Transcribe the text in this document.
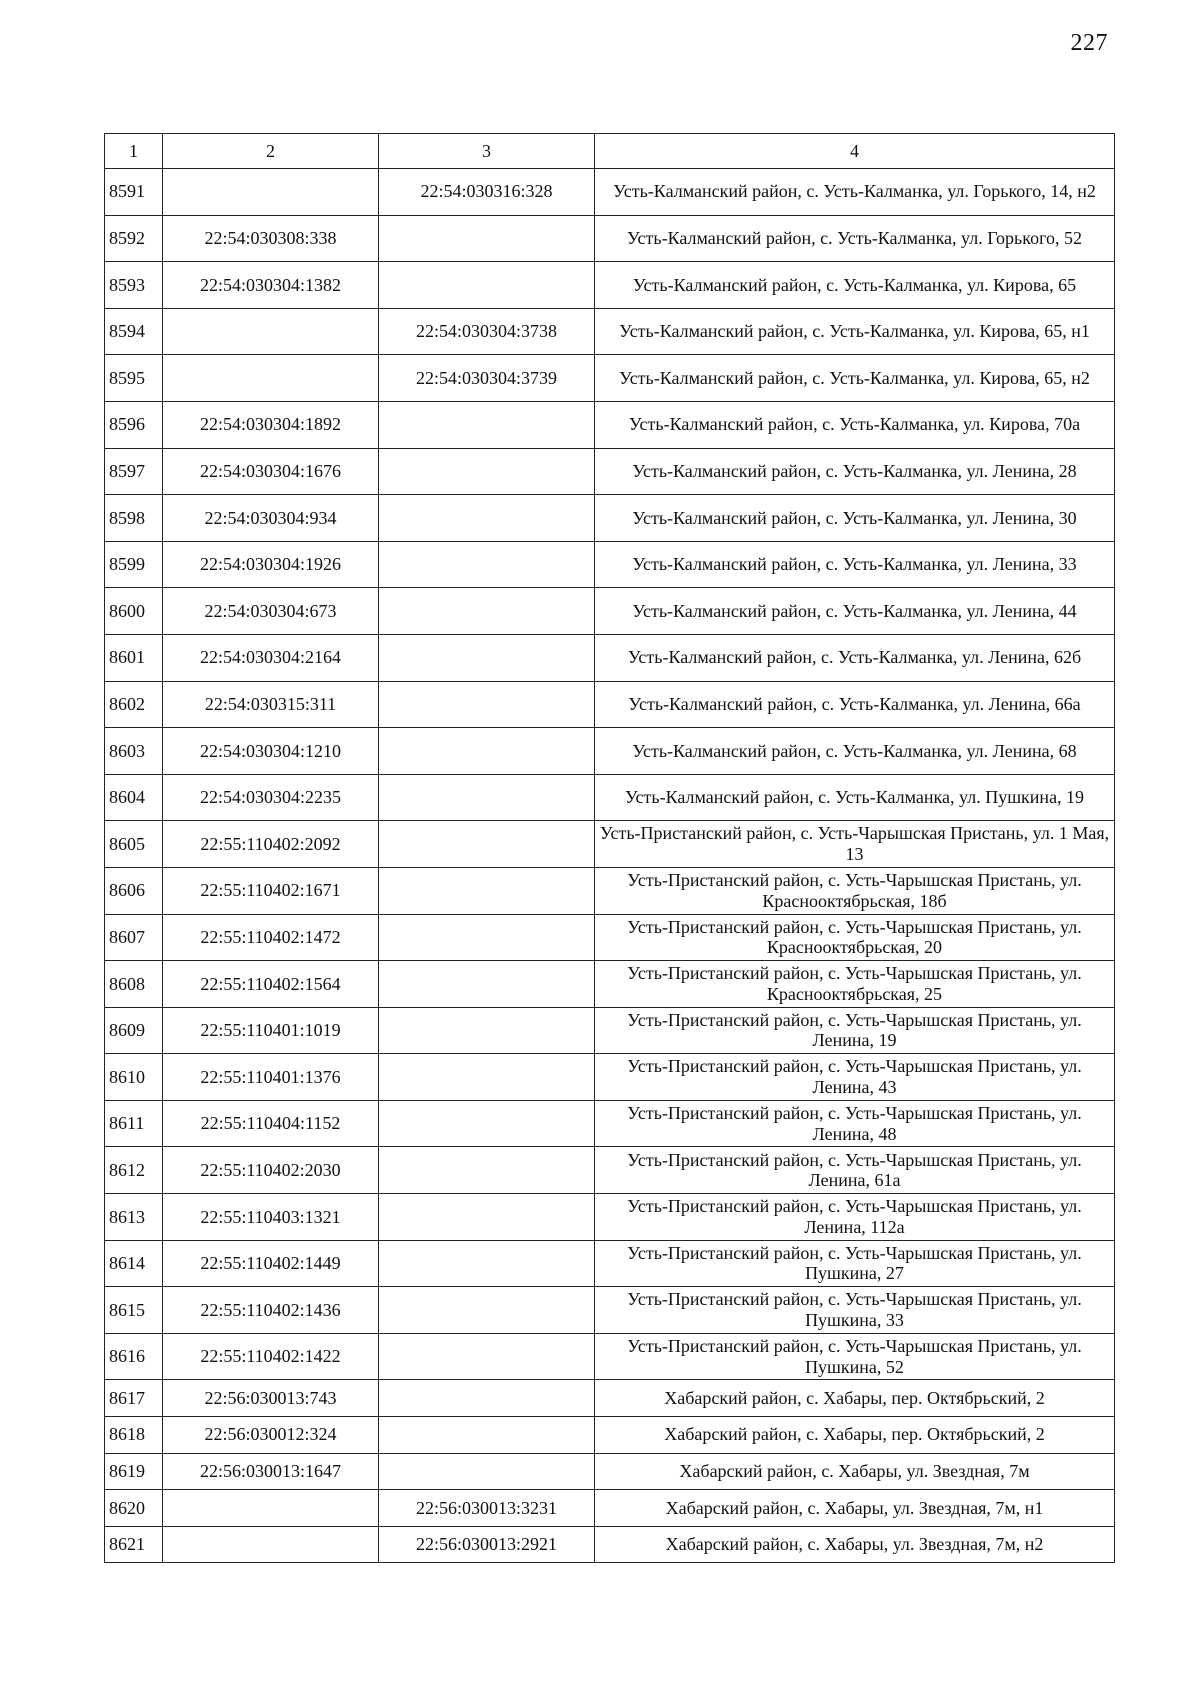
227
1	2	3	4
8591		22:54:030316:328	Усть-Калманский район, с. Усть-Калманка, ул. Горького, 14, н2
8592	22:54:030308:338		Усть-Калманский район, с. Усть-Калманка, ул. Горького, 52
8593	22:54:030304:1382		Усть-Калманский район, с. Усть-Калманка, ул. Кирова, 65
8594		22:54:030304:3738	Усть-Калманский район, с. Усть-Калманка, ул. Кирова, 65, н1
8595		22:54:030304:3739	Усть-Калманский район, с. Усть-Калманка, ул. Кирова, 65, н2
8596	22:54:030304:1892		Усть-Калманский район, с. Усть-Калманка, ул. Кирова, 70а
8597	22:54:030304:1676		Усть-Калманский район, с. Усть-Калманка, ул. Ленина, 28
8598	22:54:030304:934		Усть-Калманский район, с. Усть-Калманка, ул. Ленина, 30
8599	22:54:030304:1926		Усть-Калманский район, с. Усть-Калманка, ул. Ленина, 33
8600	22:54:030304:673		Усть-Калманский район, с. Усть-Калманка, ул. Ленина, 44
8601	22:54:030304:2164		Усть-Калманский район, с. Усть-Калманка, ул. Ленина, 62б
8602	22:54:030315:311		Усть-Калманский район, с. Усть-Калманка, ул. Ленина, 66а
8603	22:54:030304:1210		Усть-Калманский район, с. Усть-Калманка, ул. Ленина, 68
8604	22:54:030304:2235		Усть-Калманский район, с. Усть-Калманка, ул. Пушкина, 19
8605	22:55:110402:2092		Усть-Пристанский район, с. Усть-Чарышская Пристань, ул. 1 Мая, 13
8606	22:55:110402:1671		Усть-Пристанский район, с. Усть-Чарышская Пристань, ул. Краснооктябрьская, 18б
8607	22:55:110402:1472		Усть-Пристанский район, с. Усть-Чарышская Пристань, ул. Краснооктябрьская, 20
8608	22:55:110402:1564		Усть-Пристанский район, с. Усть-Чарышская Пристань, ул. Краснооктябрьская, 25
8609	22:55:110401:1019		Усть-Пристанский район, с. Усть-Чарышская Пристань, ул. Ленина, 19
8610	22:55:110401:1376		Усть-Пристанский район, с. Усть-Чарышская Пристань, ул. Ленина, 43
8611	22:55:110404:1152		Усть-Пристанский район, с. Усть-Чарышская Пристань, ул. Ленина, 48
8612	22:55:110402:2030		Усть-Пристанский район, с. Усть-Чарышская Пристань, ул. Ленина, 61а
8613	22:55:110403:1321		Усть-Пристанский район, с. Усть-Чарышская Пристань, ул. Ленина, 112а
8614	22:55:110402:1449		Усть-Пристанский район, с. Усть-Чарышская Пристань, ул. Пушкина, 27
8615	22:55:110402:1436		Усть-Пристанский район, с. Усть-Чарышская Пристань, ул. Пушкина, 33
8616	22:55:110402:1422		Усть-Пристанский район, с. Усть-Чарышская Пристань, ул. Пушкина, 52
8617	22:56:030013:743		Хабарский район, с. Хабары, пер. Октябрьский, 2
8618	22:56:030012:324		Хабарский район, с. Хабары, пер. Октябрьский, 2
8619	22:56:030013:1647		Хабарский район, с. Хабары, ул. Звездная, 7м
8620		22:56:030013:3231	Хабарский район, с. Хабары, ул. Звездная, 7м, н1
8621		22:56:030013:2921	Хабарский район, с. Хабары, ул. Звездная, 7м, н2
